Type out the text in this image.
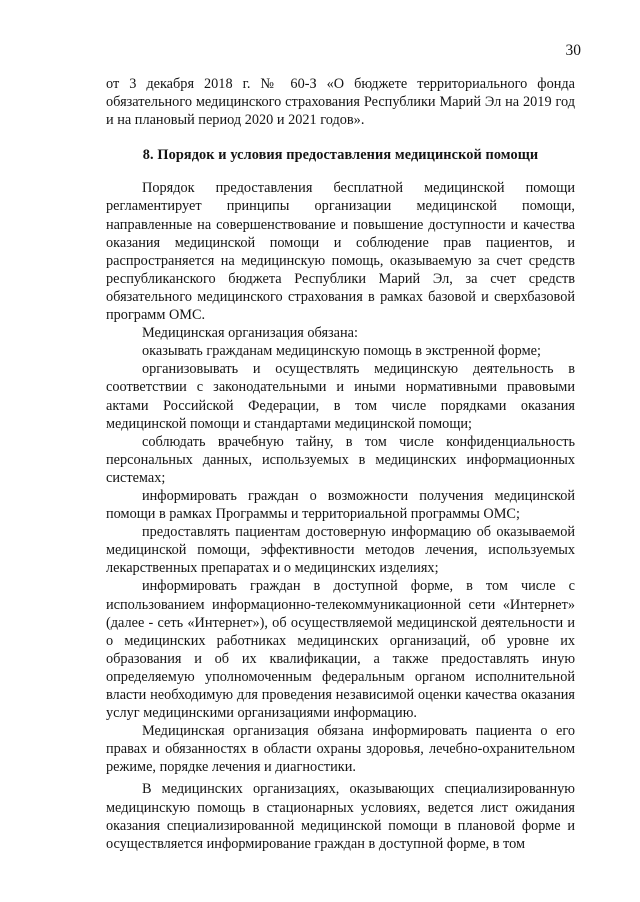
30

от 3 декабря 2018 г. № 60-З «О бюджете территориального фонда обязательного медицинского страхования Республики Марий Эл на 2019 год и на плановый период 2020 и 2021 годов».

8. Порядок и условия предоставления медицинской помощи

Порядок предоставления бесплатной медицинской помощи регламентирует принципы организации медицинской помощи, направленные на совершенствование и повышение доступности и качества оказания медицинской помощи и соблюдение прав пациентов, и распространяется на медицинскую помощь, оказываемую за счет средств республиканского бюджета Республики Марий Эл, за счет средств обязательного медицинского страхования в рамках базовой и сверхбазовой программ ОМС.

Медицинская организация обязана:

оказывать гражданам медицинскую помощь в экстренной форме;

организовывать и осуществлять медицинскую деятельность в соответствии с законодательными и иными нормативными правовыми актами Российской Федерации, в том числе порядками оказания медицинской помощи и стандартами медицинской помощи;

соблюдать врачебную тайну, в том числе конфиденциальность персональных данных, используемых в медицинских информационных системах;

информировать граждан о возможности получения медицинской помощи в рамках Программы и территориальной программы ОМС;

предоставлять пациентам достоверную информацию об оказываемой медицинской помощи, эффективности методов лечения, используемых лекарственных препаратах и о медицинских изделиях;

информировать граждан в доступной форме, в том числе с использованием информационно-телекоммуникационной сети «Интернет» (далее - сеть «Интернет»), об осуществляемой медицинской деятельности и о медицинских работниках медицинских организаций, об уровне их образования и об их квалификации, а также предоставлять иную определяемую уполномоченным федеральным органом исполнительной власти необходимую для проведения независимой оценки качества оказания услуг медицинскими организациями информацию.

Медицинская организация обязана информировать пациента о его правах и обязанностях в области охраны здоровья, лечебно-охранительном режиме, порядке лечения и диагностики.

В медицинских организациях, оказывающих специализированную медицинскую помощь в стационарных условиях, ведется лист ожидания оказания специализированной медицинской помощи в плановой форме и осуществляется информирование граждан в доступной форме, в том
